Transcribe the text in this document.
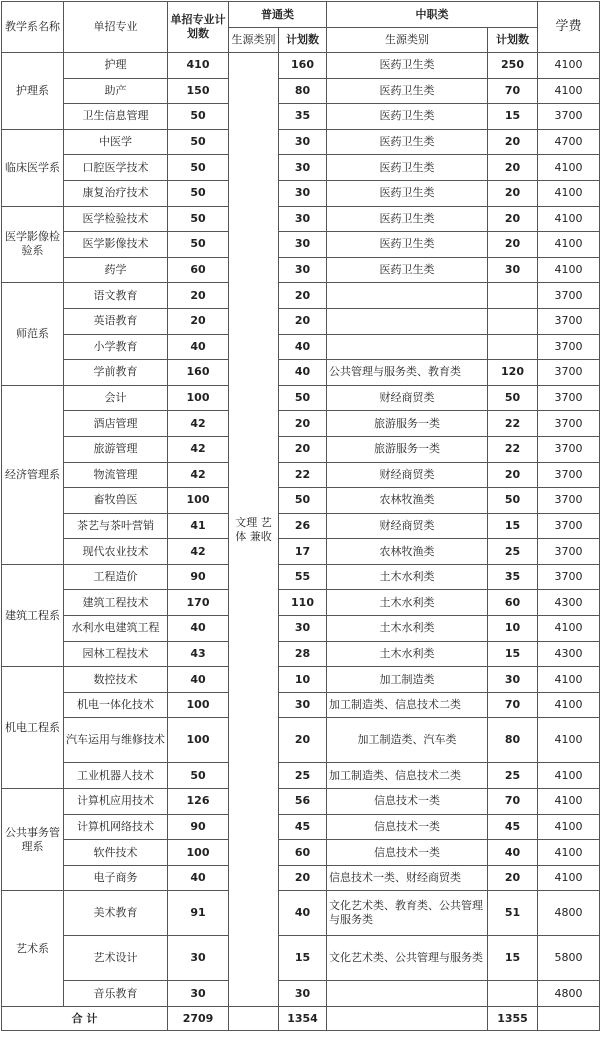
教学系名称	单招专业	单招专业计划数	普通类		中职类		学费
			生源类别	计划数	生源类别	计划数	
护理系	护理	410	文理 艺体 兼收	160	医药卫生类	250	4100
	助产	150		80	医药卫生类	70	4100
	卫生信息管理	50		35	医药卫生类	15	3700
临床医学系	中医学	50		30	医药卫生类	20	4700
	口腔医学技术	50		30	医药卫生类	20	4100
	康复治疗技术	50		30	医药卫生类	20	4100
医学影像检验系	医学检验技术	50		30	医药卫生类	20	4100
	医学影像技术	50		30	医药卫生类	20	4100
	药学	60		30	医药卫生类	30	4100
师范系	语文教育	20		20			3700
	英语教育	20		20			3700
	小学教育	40		40			3700
	学前教育	160		40	公共管理与服务类、教育类	120	3700
经济管理系	会计	100		50	财经商贸类	50	3700
	酒店管理	42		20	旅游服务一类	22	3700
	旅游管理	42		20	旅游服务一类	22	3700
	物流管理	42		22	财经商贸类	20	3700
	畜牧兽医	100		50	农林牧渔类	50	3700
	茶艺与茶叶营销	41		26	财经商贸类	15	3700
	现代农业技术	42		17	农林牧渔类	25	3700
建筑工程系	工程造价	90		55	土木水利类	35	3700
	建筑工程技术	170		110	土木水利类	60	4300
	水利水电建筑工程	40		30	土木水利类	10	4100
	园林工程技术	43		28	土木水利类	15	4300
机电工程系	数控技术	40		10	加工制造类	30	4100
	机电一体化技术	100		30	加工制造类、信息技术二类	70	4100
	汽车运用与维修技术	100		20	加工制造类、汽车类	80	4100
	工业机器人技术	50		25	加工制造类、信息技术二类	25	4100
公共事务管理系	计算机应用技术	126		56	信息技术一类	70	4100
	计算机网络技术	90		45	信息技术一类	45	4100
	软件技术	100		60	信息技术一类	40	4100
	电子商务	40		20	信息技术一类、财经商贸类	20	4100
艺术系	美术教育	91		40	文化艺术类、教育类、公共管理与服务类	51	4800
	艺术设计	30		15	文化艺术类、公共管理与服务类	15	5800
	音乐教育	30		30			4800
合 计		2709		1354		1355	
